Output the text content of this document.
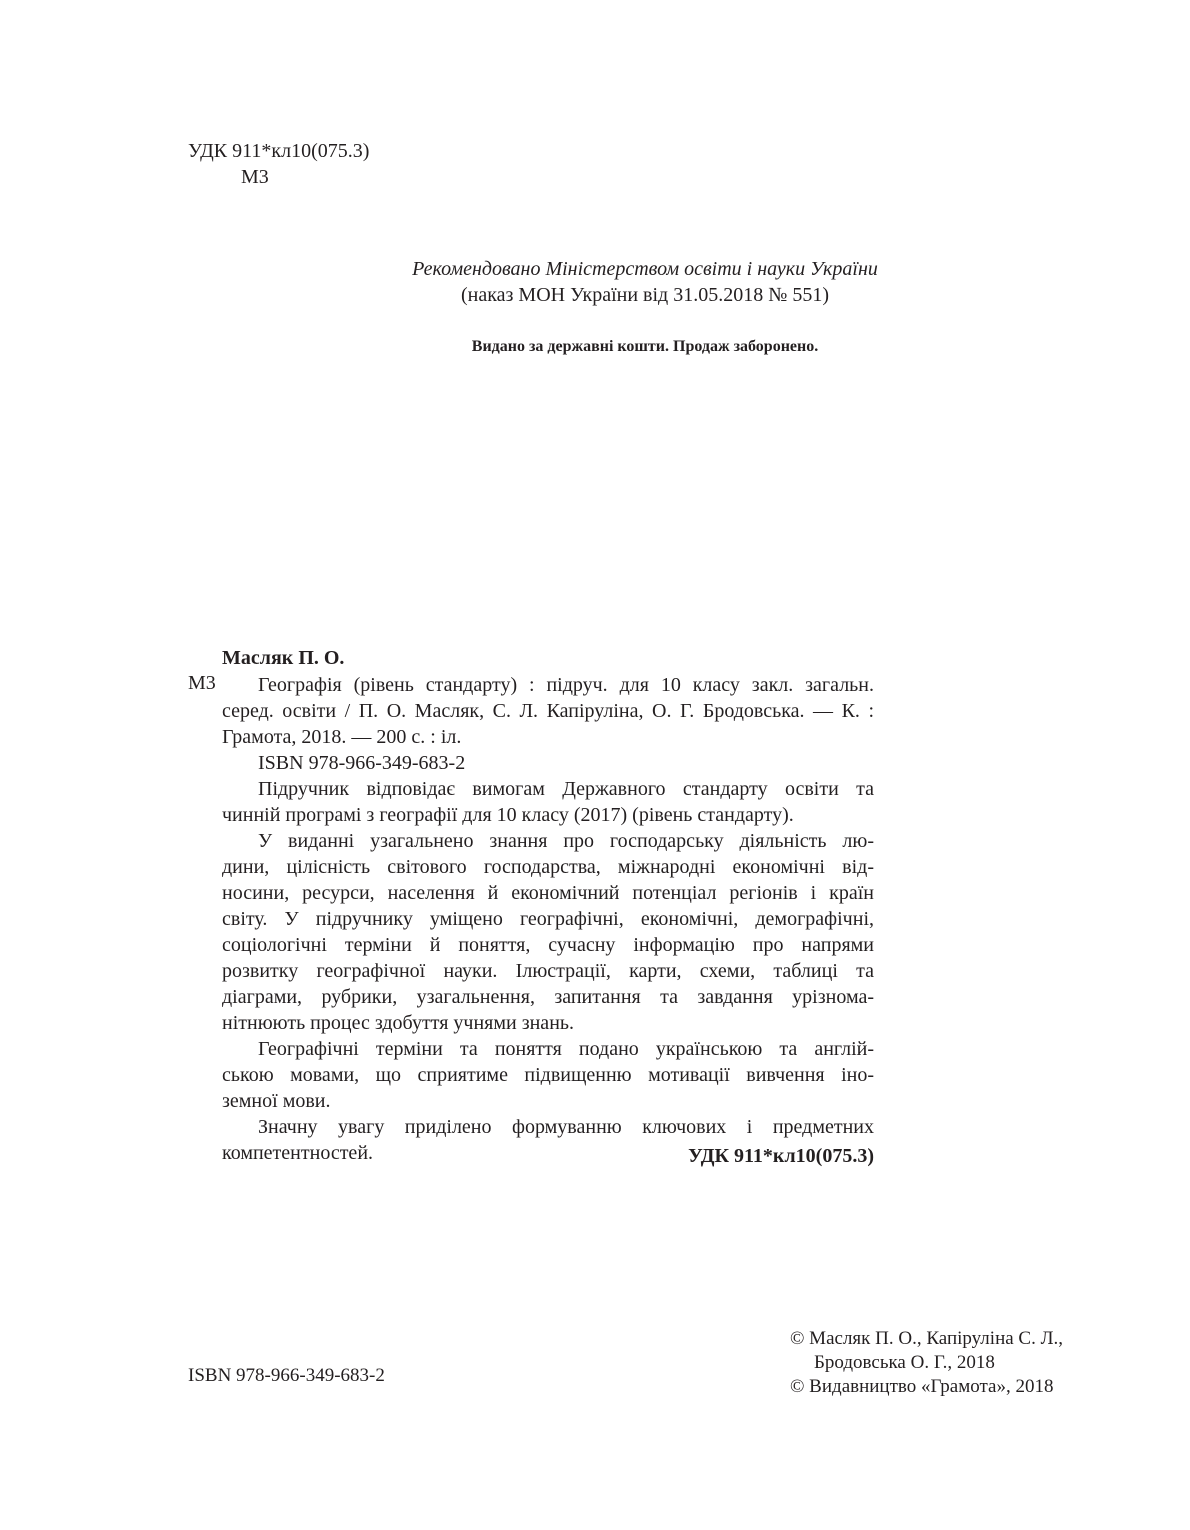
УДК 911*кл10(075.3)
М3
Рекомендовано Міністерством освіти і науки України
(наказ МОН України від 31.05.2018 № 551)
Видано за державні кошти. Продаж заборонено.
Масляк П. О.
М3	Географія (рівень стандарту) : підруч. для 10 класу закл. загальн.
серед. освіти / П. О. Масляк, С. Л. Капіруліна, О. Г. Бродовська. — К. :
Грамота, 2018. — 200 с. : іл.
ISBN 978-966-349-683-2
Підручник відповідає вимогам Державного стандарту освіти та
чинній програмі з географії для 10 класу (2017) (рівень стандарту).
У виданні узагальнено знання про господарську діяльність лю-
дини, цілісність світового господарства, міжнародні економічні від-
носини, ресурси, населення й економічний потенціал регіонів і країн
світу. У підручнику уміщено географічні, економічні, демографічні,
соціологічні терміни й поняття, сучасну інформацію про напрями
розвитку географічної науки. Ілюстрації, карти, схеми, таблиці та
діаграми, рубрики, узагальнення, запитання та завдання урізнома-
нітнюють процес здобуття учнями знань.
Географічні терміни та поняття подано українською та англій-
ською мовами, що сприятиме підвищенню мотивації вивчення іно-
земної мови.
Значну увагу приділено формуванню ключових і предметних
компетентностей.	УДК 911*кл10(075.3)
ISBN 978-966-349-683-2
© Масляк П. О., Капіруліна С. Л.,
Бродовська О. Г., 2018
© Видавництво «Грамота», 2018
